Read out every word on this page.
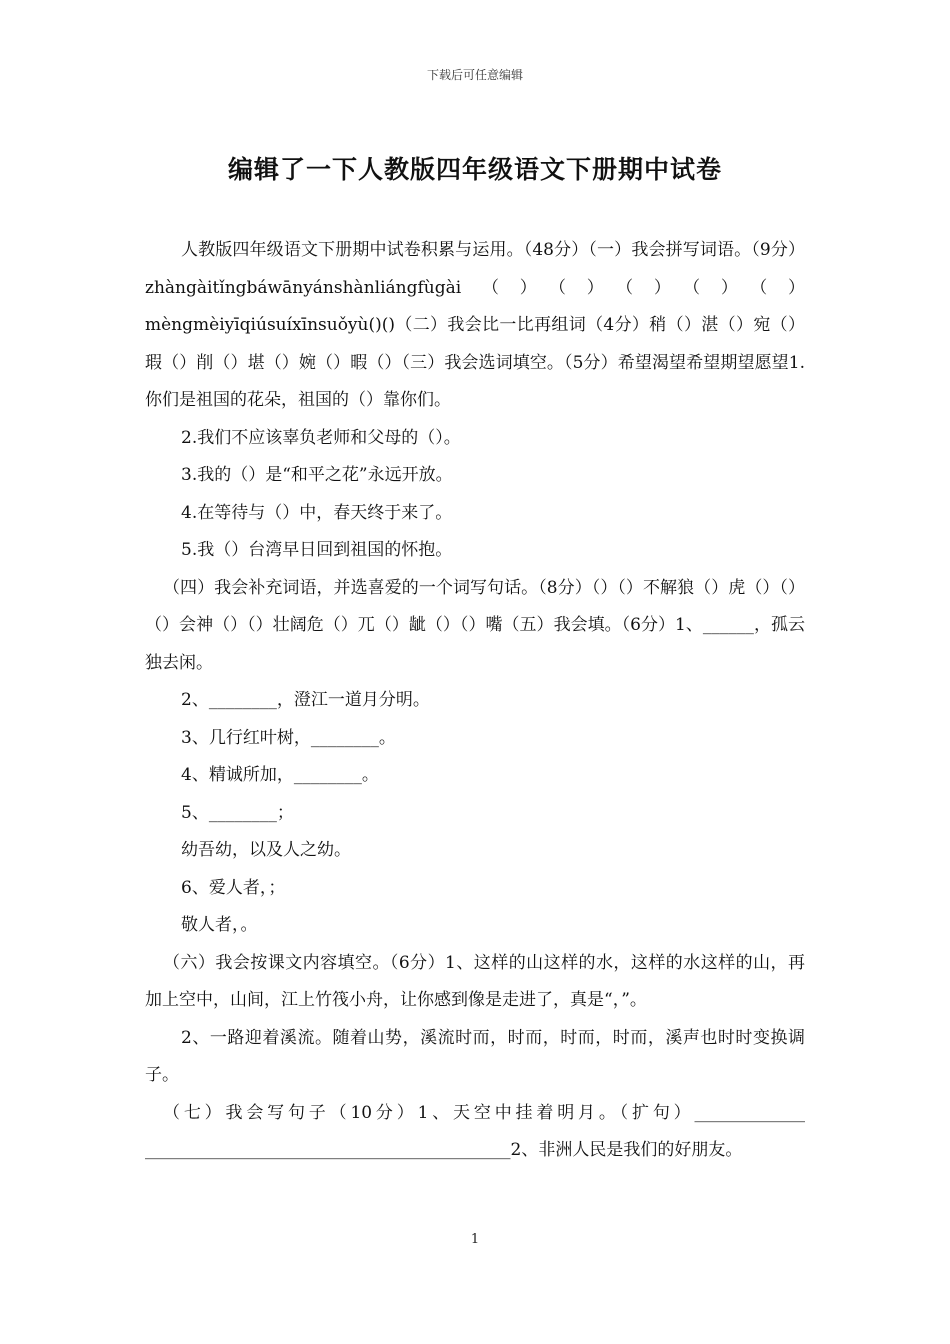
下载后可任意编辑
编辑了一下人教版四年级语文下册期中试卷

人教版四年级语文下册期中试卷积累与运用。（48分）（一）我会拼写词语。（9分）zhàngàitǐngbáwānyánshànliángfùgài（）（）（）（）（）mèngmèiyīqiúsuíxīnsuǒyù()()（二）我会比一比再组词（4分）稍（）湛（）宛（）瑕（）削（）堪（）婉（）暇（）（三）我会选词填空。（5分）希望渴望希望期望愿望1.你们是祖国的花朵，祖国的（）靠你们。

2.我们不应该辜负老师和父母的（）。

3.我的（）是“和平之花”永远开放。

4.在等待与（）中，春天终于来了。

5.我（）台湾早日回到祖国的怀抱。

（四）我会补充词语，并选喜爱的一个词写句话。（8分）（）（）不解狼（）虎（）（）（）会神（）（）壮阔危（）兀（）龇（）（）嘴（五）我会填。（6分）1、______，孤云独去闲。

2、________，澄江一道月分明。

3、几行红叶树，________。

4、精诚所加，________。

5、________；

幼吾幼，以及人之幼。

6、爱人者，；

敬人者，。

（六）我会按课文内容填空。（6分）1、这样的山这样的水，这样的水这样的山，再加上空中，山间，江上竹筏小舟，让你感到像是走进了，真是“，”。

2、一路迎着溪流。随着山势，溪流时而，时而，时而，时而，溪声也时时变换调子。

（七）我会写句子（10分）1、天空中挂着明月。（扩句）_____________ ___________________________________________2、非洲人民是我们的好朋友。

1
